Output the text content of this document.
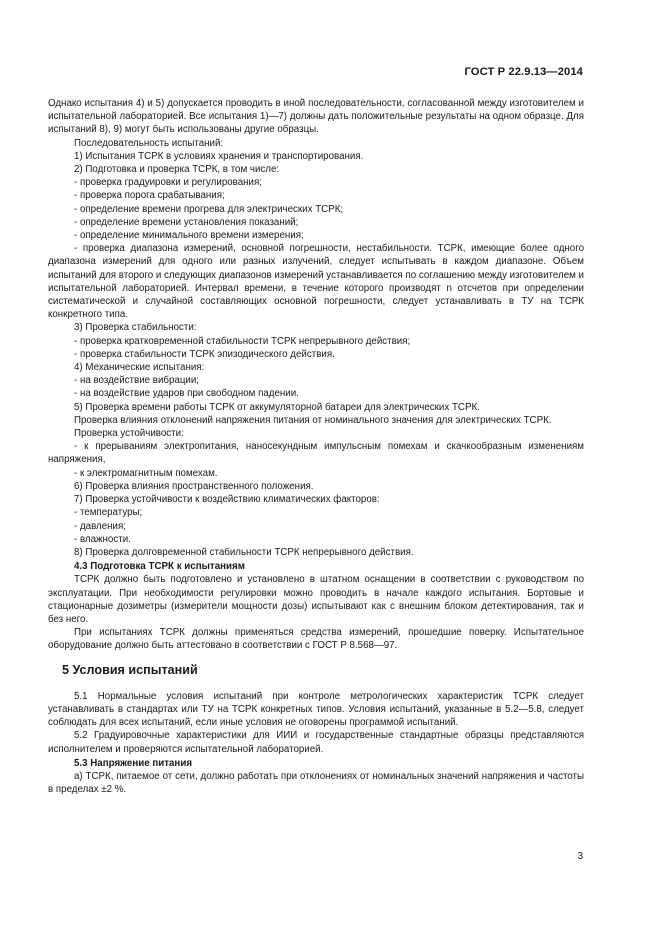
ГОСТ Р 22.9.13—2014

Однако испытания 4) и 5) допускается проводить в иной последовательности, согласованной между изготовителем и испытательной лабораторией. Все испытания 1)—7) должны дать положительные результаты на одном образце. Для испытаний 8), 9) могут быть использованы другие образцы.

Последовательность испытаний:

1) Испытания ТСРК в условиях хранения и транспортирования.

2) Подготовка и проверка ТСРК, в том числе:

- проверка градуировки и регулирования;

- проверка порога срабатывания;

- определение времени прогрева для электрических ТСРК;

- определение времени установления показаний;

- определение минимального времени измерения;

- проверка диапазона измерений, основной погрешности, нестабильности. ТСРК, имеющие более одного диапазона измерений для одного или разных излучений, следует испытывать в каждом диапазоне. Объем испытаний для второго и следующих диапазонов измерений устанавливается по соглашению между изготовителем и испытательной лабораторией. Интервал времени, в течение которого производят n отсчетов при определении систематической и случайной составляющих основной погрешности, следует устанавливать в ТУ на ТСРК конкретного типа.

3) Проверка стабильности:

- проверка кратковременной стабильности ТСРК непрерывного действия;

- проверка стабильности ТСРК эпизодического действия.

4) Механические испытания:

- на воздействие вибрации;

- на воздействие ударов при свободном падении.

5) Проверка времени работы ТСРК от аккумуляторной батареи для электрических ТСРК.

Проверка влияния отклонений напряжения питания от номинального значения для электрических ТСРК.

Проверка устойчивости:

- к прерываниям электропитания, наносекундным импульсным помехам и скачкообразным изменениям напряжения,

- к электромагнитным помехам.

6) Проверка влияния пространственного положения.

7) Проверка устойчивости к воздействию климатических факторов:

- температуры;

- давления;

- влажности.

8) Проверка долговременной стабильности ТСРК непрерывного действия.

4.3 Подготовка ТСРК к испытаниям

ТСРК должно быть подготовлено и установлено в штатном оснащении в соответствии с руководством по эксплуатации. При необходимости регулировки можно проводить в начале каждого испытания. Бортовые и стационарные дозиметры (измерители мощности дозы) испытывают как с внешним блоком детектирования, так и без него.

При испытаниях ТСРК должны применяться средства измерений, прошедшие поверку. Испытательное оборудование должно быть аттестовано в соответствии с ГОСТ Р 8.568—97.

5 Условия испытаний

5.1 Нормальные условия испытаний при контроле метрологических характеристик ТСРК следует устанавливать в стандартах или ТУ на ТСРК конкретных типов. Условия испытаний, указанные в 5.2—5.8, следует соблюдать для всех испытаний, если иные условия не оговорены программой испытаний.

5.2 Градуировочные характеристики для ИИИ и государственные стандартные образцы представляются исполнителем и проверяются испытательной лабораторией.

5.3 Напряжение питания

а) ТСРК, питаемое от сети, должно работать при отклонениях от номинальных значений напряжения и частоты в пределах ±2 %.

3
